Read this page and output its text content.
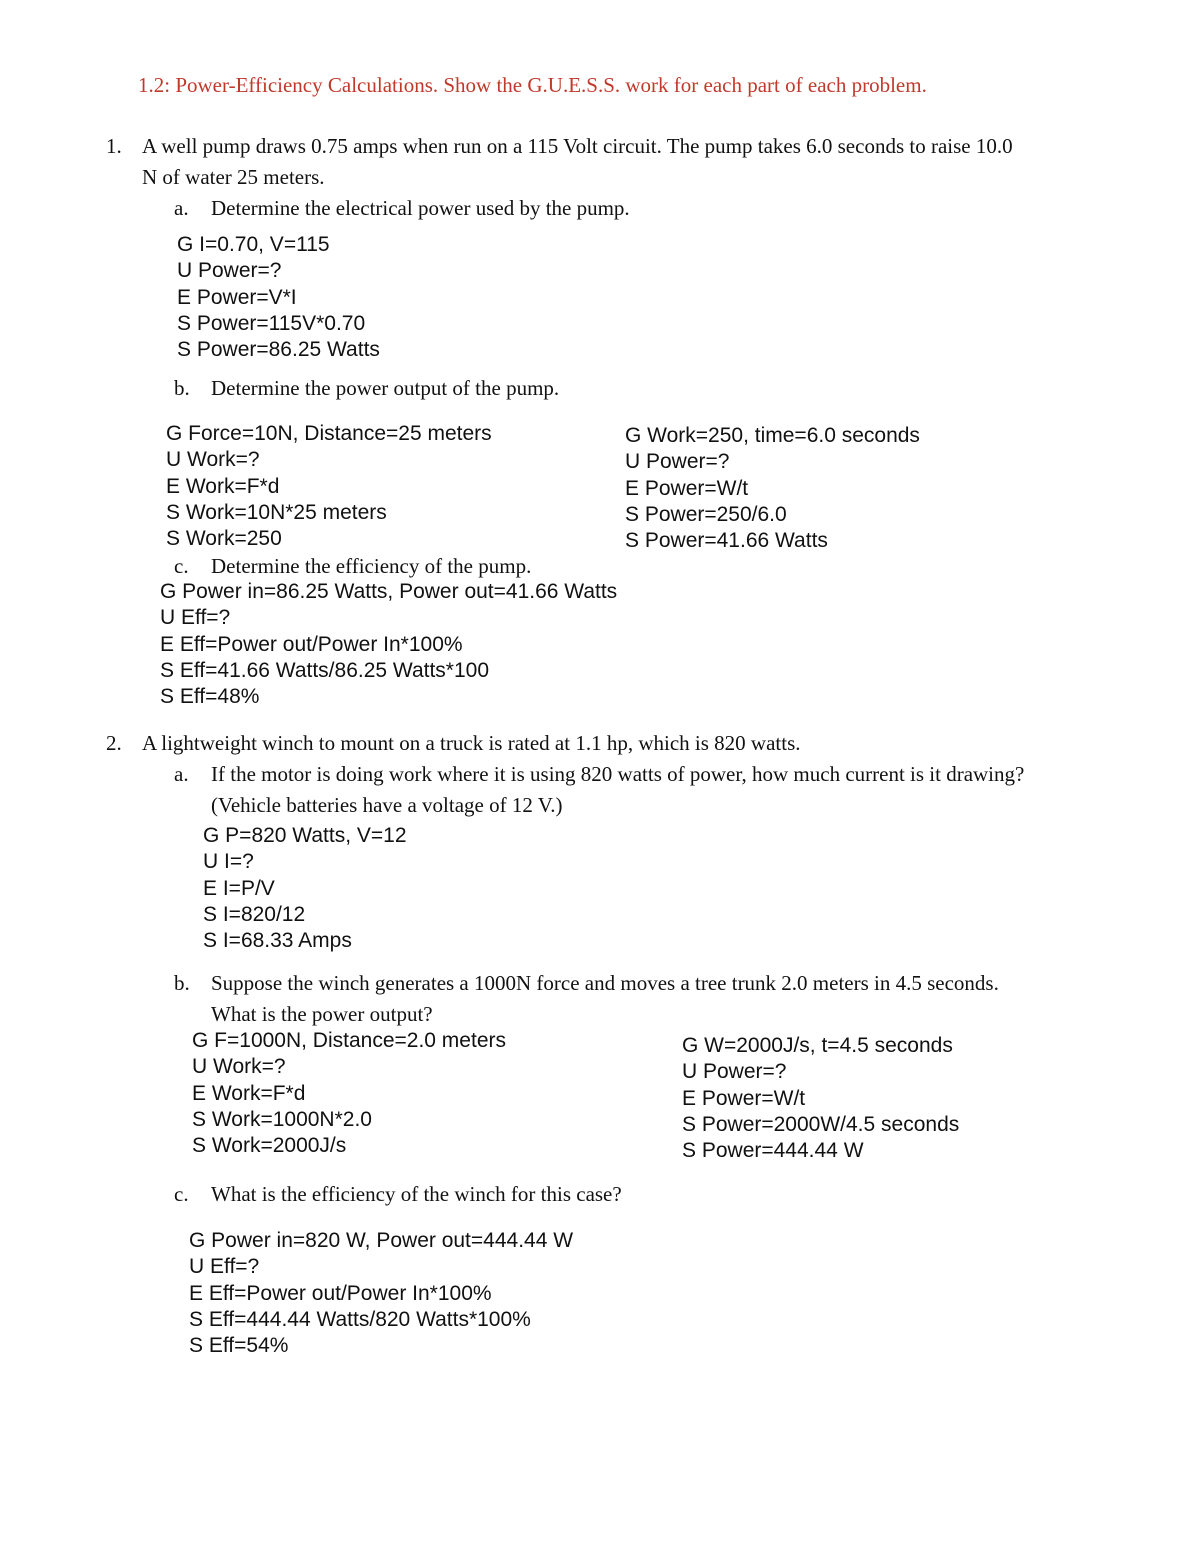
1.2: Power-Efficiency Calculations. Show the G.U.E.S.S. work for each part of each problem.
1. A well pump draws 0.75 amps when run on a 115 Volt circuit. The pump takes 6.0 seconds to raise 10.0
N of water 25 meters.
a. Determine the electrical power used by the pump.
G I=0.70, V=115
U Power=?
E Power=V*I
S Power=115V*0.70
S Power=86.25 Watts
b. Determine the power output of the pump.
G Force=10N, Distance=25 meters
U Work=?
E Work=F*d
S Work=10N*25 meters
S Work=250
G Work=250, time=6.0 seconds
U Power=?
E Power=W/t
S Power=250/6.0
S Power=41.66 Watts
c. Determine the efficiency of the pump.
G Power in=86.25 Watts, Power out=41.66 Watts
U Eff=?
E Eff=Power out/Power In*100%
S Eff=41.66 Watts/86.25 Watts*100
S Eff=48%
2. A lightweight winch to mount on a truck is rated at 1.1 hp, which is 820 watts.
a. If the motor is doing work where it is using 820 watts of power, how much current is it drawing?
(Vehicle batteries have a voltage of 12 V.)
G P=820 Watts, V=12
U I=?
E I=P/V
S I=820/12
S I=68.33 Amps
b. Suppose the winch generates a 1000N force and moves a tree trunk 2.0 meters in 4.5 seconds.
What is the power output?
G F=1000N, Distance=2.0 meters
U Work=?
E Work=F*d
S Work=1000N*2.0
S Work=2000J/s
G W=2000J/s, t=4.5 seconds
U Power=?
E Power=W/t
S Power=2000W/4.5 seconds
S Power=444.44 W
c. What is the efficiency of the winch for this case?
G Power in=820 W, Power out=444.44 W
U Eff=?
E Eff=Power out/Power In*100%
S Eff=444.44 Watts/820 Watts*100%
S Eff=54%
